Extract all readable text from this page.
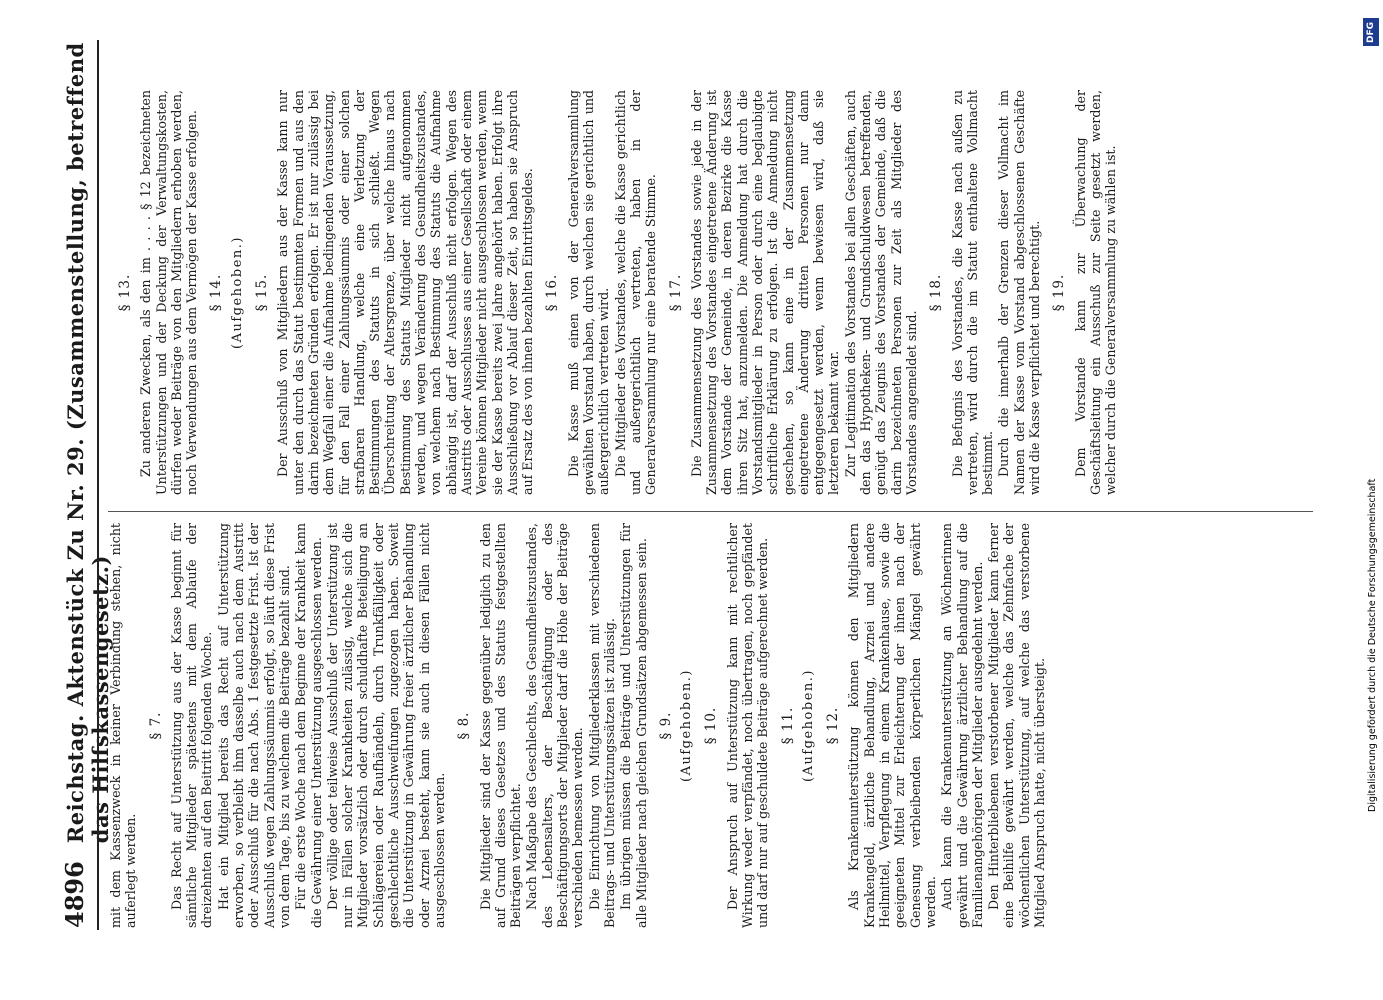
4896
Reichstag. Aktenstück Zu Nr. 29. (Zusammenstellung, betreffend das Hilfskassengesetz.)

mit dem Kassenzweck in keiner Verbindung stehen, nicht auferlegt werden.

§ 7. Das Recht auf Unterstützung aus der Kasse beginnt für sämtliche Mitglieder spätestens mit dem Ablaufe der dreizehnten auf den Beitritt folgenden Woche. Hat ein Mitglied bereits das Recht auf Unterstützung erworben, so verbleibt ihm dasselbe auch nach dem Austritt oder Ausschluß für die nach Abs. 1 festgesetzte Frist. Ist der Ausschluß wegen Zahlungssäumnis erfolgt, so läuft diese Frist von dem Tage, bis zu welchem die Beiträge bezahlt sind. Für die erste Woche nach dem Beginne der Krankheit kann die Gewährung einer Unterstützung ausgeschlossen werden. Der völlige oder teilweise Ausschluß der Unterstützung ist nur in Fällen solcher Krankheiten zulässig, welche sich die Mitglieder vorsätzlich oder durch schuldhafte Beteiligung an Schlägereien oder Raufhändeln, durch Trunkfälligkeit oder geschlechtliche Ausschweifungen zugezogen haben. Soweit die Unterstützung in Gewährung freier ärztlicher Behandlung oder Arznei besteht, kann sie auch in diesen Fällen nicht ausgeschlossen werden.

§ 8. Die Mitglieder sind der Kasse gegenüber lediglich zu den auf Grund dieses Gesetzes und des Statuts festgestellten Beiträgen verpflichtet. Nach Maßgabe des Geschlechts, des Gesundheitszustandes, des Lebensalters, der Beschäftigung oder des Beschäftigungsorts der Mitglieder darf die Höhe der Beiträge verschieden bemessen werden. Die Einrichtung von Mitgliederklassen mit verschiedenen Beitrags- und Unterstützungssätzen ist zulässig. Im übrigen müssen die Beiträge und Unterstützungen für alle Mitglieder nach gleichen Grundsätzen abgemessen sein. § 9. (Aufgehoben.) § 10. Der Anspruch auf Unterstützung kann mit rechtlicher Wirkung weder verpfändet, noch übertragen, noch gepfändet und darf nur auf geschuldete Beiträge aufgerechnet werden. § 11. (Aufgehoben.) § 12. Als Krankenunterstützung können den Mitgliedern Krankengeld, ärztliche Behandlung, Arznei und andere Heilmittel, Verpflegung in einem Krankenhause, sowie die geeigneten Mittel zur Erleichterung der ihnen nach der Genesung verbleibenden körperlichen Mängel gewährt werden. Auch kann die Krankenunterstützung an Wöchnerinnen gewährt und die Gewährung ärztlicher Behandlung auf die Familienangehörigen der Mitglieder ausgedehnt werden. Den Hinterbliebenen verstorbener Mitglieder kann ferner eine Beihilfe gewährt werden, welche das Zehnfache der wöchentlichen Unterstützung, auf welche das verstorbene Mitglied Anspruch hatte, nicht übersteigt.

§ 13. Zu anderen Zwecken, als den im . . . . § 12 bezeichneten Unterstützungen und der Deckung der Verwaltungskosten, dürfen weder Beiträge von den Mitgliedern erhoben werden, noch Verwendungen aus dem Vermögen der Kasse erfolgen. § 14. (Aufgehoben.) § 15. Der Ausschluß von Mitgliedern aus der Kasse kann nur unter den durch das Statut bestimmten Formen und aus den darin bezeichneten Gründen erfolgen. Er ist nur zulässig bei dem Wegfall einer die Aufnahme bedingenden Voraussetzung, für den Fall einer Zahlungssäumnis oder einer solchen strafbaren Handlung, welche eine Verletzung der Bestimmungen des Statuts in sich schließt. Wegen Überschreitung der Altersgrenze, über welche hinaus nach Bestimmung des Statuts Mitglieder nicht aufgenommen werden, und wegen Veränderung des Gesundheitszustandes, von welchem nach Bestimmung des Statuts die Aufnahme abhängig ist, darf der Ausschluß nicht erfolgen. Wegen des Austritts oder Ausschlusses aus einer Gesellschaft oder einem Vereine können Mitglieder nicht ausgeschlossen werden, wenn sie der Kasse bereits zwei Jahre angehört haben. Erfolgt ihre Ausschließung vor Ablauf dieser Zeit, so haben sie Anspruch auf Ersatz des von ihnen bezahlten Eintrittsgeldes. § 16. Die Kasse muß einen von der Generalversammlung gewählten Vorstand haben, durch welchen sie gerichtlich und außergerichtlich vertreten wird. Die Mitglieder des Vorstandes, welche die Kasse gerichtlich und außergerichtlich vertreten, haben in der Generalversammlung nur eine beratende Stimme. § 17. Die Zusammensetzung des Vorstandes sowie jede in der Zusammensetzung des Vorstandes eingetretene Änderung ist dem Vorstande der Gemeinde, in deren Bezirke die Kasse ihren Sitz hat, anzumelden. Die Anmeldung hat durch die Vorstandsmitglieder in Person oder durch eine beglaubigte schriftliche Erklärung zu erfolgen. Ist die Anmeldung nicht geschehen, so kann eine in der Zusammensetzung eingetretene Änderung dritten Personen nur dann entgegengesetzt werden, wenn bewiesen wird, daß sie letzteren bekannt war. Zur Legitimation des Vorstandes bei allen Geschäften, auch den das Hypotheken- und Grundschuldwesen betreffenden, genügt das Zeugnis des Vorstandes der Gemeinde, daß die darin bezeichneten Personen zur Zeit als Mitglieder des Vorstandes angemeldet sind.

§ 18. Die Befugnis des Vorstandes, die Kasse nach außen zu vertreten, wird durch die im Statut enthaltene Vollmacht bestimmt. Durch die innerhalb der Grenzen dieser Vollmacht im Namen der Kasse vom Vorstand abgeschlossenen Geschäfte wird die Kasse verpflichtet und berechtigt. § 19. Dem Vorstande kann zur Überwachung der Geschäftsleitung ein Ausschuß zur Seite gesetzt werden, welcher durch die Generalversammlung zu wählen ist.

DFG
Digitalisierung gefördert durch die Deutsche Forschungsgemeinschaft
